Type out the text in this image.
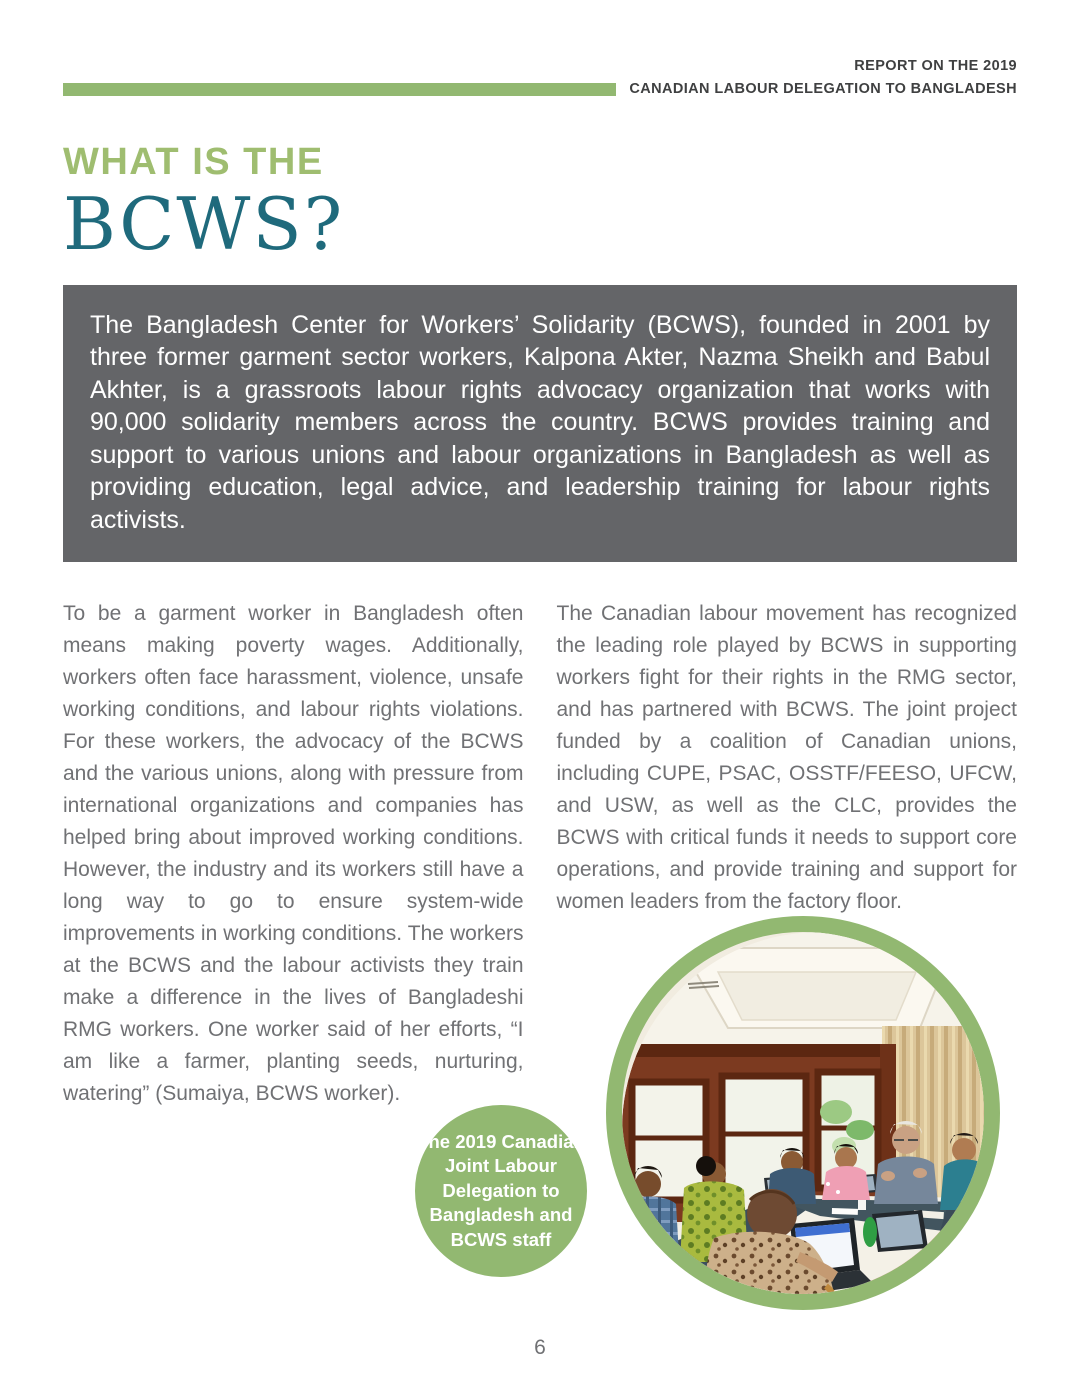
REPORT ON THE 2019
CANADIAN LABOUR DELEGATION TO BANGLADESH
WHAT IS THE
BCWS?

The Bangladesh Center for Workers’ Solidarity (BCWS), founded in 2001 by three former garment sector workers, Kalpona Akter, Nazma Sheikh and Babul Akhter, is a grassroots labour rights advocacy organization that works with 90,000 solidarity members across the country. BCWS provides training and support to various unions and labour organizations in Bangladesh as well as providing education, legal advice, and leadership training for labour rights activists.

To be a garment worker in Bangladesh often means making poverty wages. Additionally, workers often face harassment, violence, unsafe working conditions, and labour rights violations. For these workers, the advocacy of the BCWS and the various unions, along with pressure from international organizations and companies has helped bring about improved working conditions. However, the industry and its workers still have a long way to go to ensure system-wide improvements in working conditions. The workers at the BCWS and the labour activists they train make a difference in the lives of Bangladeshi RMG workers. One worker said of her efforts, “I am like a farmer, planting seeds, nurturing, watering” (Sumaiya, BCWS worker).

The Canadian labour movement has recognized the leading role played by BCWS in supporting workers fight for their rights in the RMG sector, and has partnered with BCWS. The joint project funded by a coalition of Canadian unions, including CUPE, PSAC, OSSTF/FEESO, UFCW, and USW, as well as the CLC, provides the BCWS with critical funds it needs to support core operations, and provide training and support for women leaders from the factory floor.

The 2019 Canadian Joint Labour Delegation to Bangladesh and BCWS staff
6
